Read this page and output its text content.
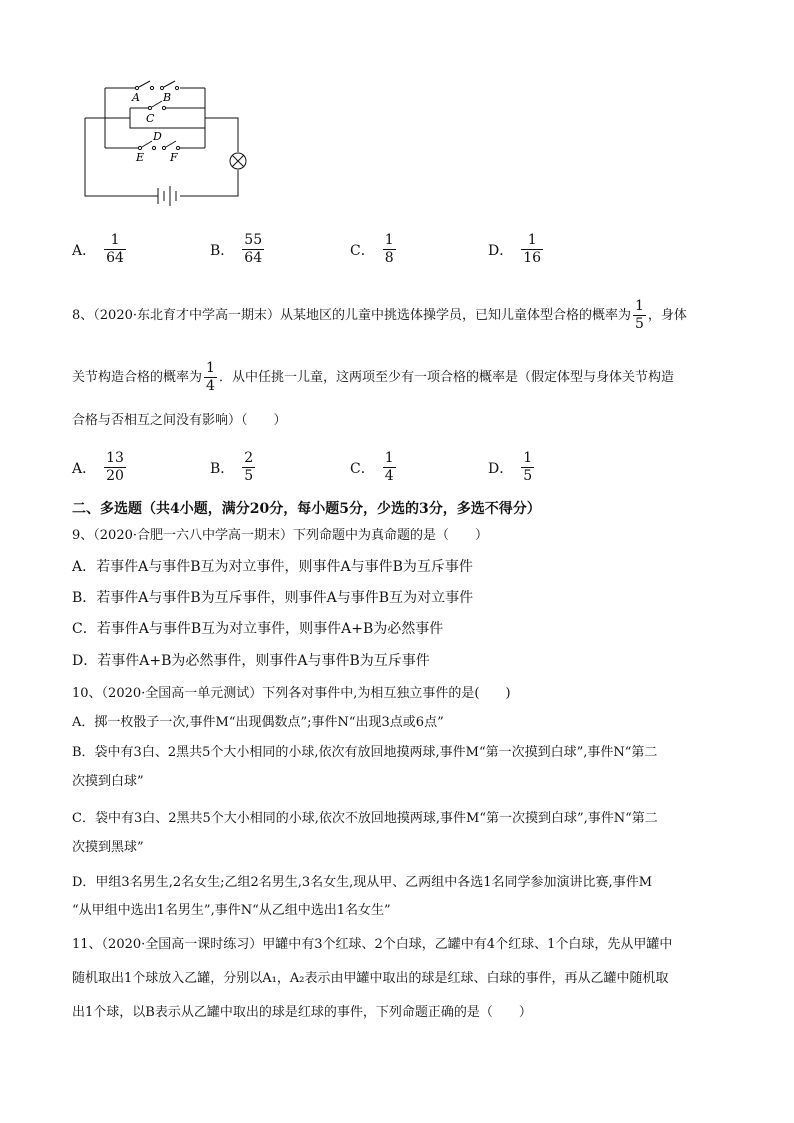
A B
C
D
E F
A． $\frac{1}{64}$	B． $\frac{55}{64}$	C． $\frac{1}{8}$	D． $\frac{1}{16}$
8、（2020·东北育才中学高一期末）从某地区的儿童中挑选体操学员，已知儿童体型合格的概率为 $\frac{1}{5}$ ，身体
关节构造合格的概率为 $\frac{1}{4}$ ．从中任挑一儿童，这两项至少有一项合格的概率是（假定体型与身体关节构造
合格与否相互之间没有影响）（　　）
A． $\frac{13}{20}$	B． $\frac{2}{5}$	C． $\frac{1}{4}$	D． $\frac{1}{5}$
二、多选题（共4小题，满分20分，每小题5分，少选的3分，多选不得分）
9、（2020·合肥一六八中学高一期末）下列命题中为真命题的是（　　）
A．若事件A与事件B互为对立事件，则事件A与事件B为互斥事件
B．若事件A与事件B为互斥事件，则事件A与事件B互为对立事件
C．若事件A与事件B互为对立事件，则事件A+B为必然事件
D．若事件A+B为必然事件，则事件A与事件B为互斥事件
10、（2020·全国高一单元测试）下列各对事件中,为相互独立事件的是(　　)
A．掷一枚骰子一次,事件M“出现偶数点”;事件N“出现3点或6点”
B．袋中有3白、2黑共5个大小相同的小球,依次有放回地摸两球,事件M“第一次摸到白球”,事件N“第二
次摸到白球”
C．袋中有3白、2黑共5个大小相同的小球,依次不放回地摸两球,事件M“第一次摸到白球”,事件N“第二
次摸到黑球”
D．甲组3名男生,2名女生;乙组2名男生,3名女生,现从甲、乙两组中各选1名同学参加演讲比赛,事件M
“从甲组中选出1名男生”,事件N“从乙组中选出1名女生”
11、（2020·全国高一课时练习）甲罐中有3个红球、2个白球，乙罐中有4个红球、1个白球，先从甲罐中
随机取出1个球放入乙罐，分别以A₁，A₂表示由甲罐中取出的球是红球、白球的事件，再从乙罐中随机取
出1个球，以B表示从乙罐中取出的球是红球的事件，下列命题正确的是（　　）
